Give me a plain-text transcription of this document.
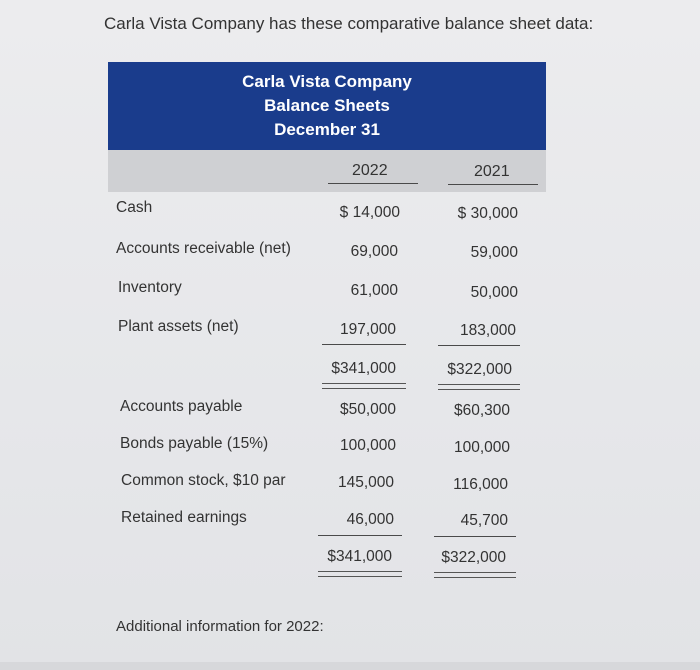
Carla Vista Company has these comparative balance sheet data:
Carla Vista Company
Balance Sheets
December 31
2022	2021
Cash	$ 14,000	$ 30,000
Accounts receivable (net)	69,000	59,000
Inventory	61,000	50,000
Plant assets (net)	197,000	183,000
$341,000	$322,000
Accounts payable	$50,000	$60,300
Bonds payable (15%)	100,000	100,000
Common stock, $10 par	145,000	116,000
Retained earnings	46,000	45,700
$341,000	$322,000
Additional information for 2022:
